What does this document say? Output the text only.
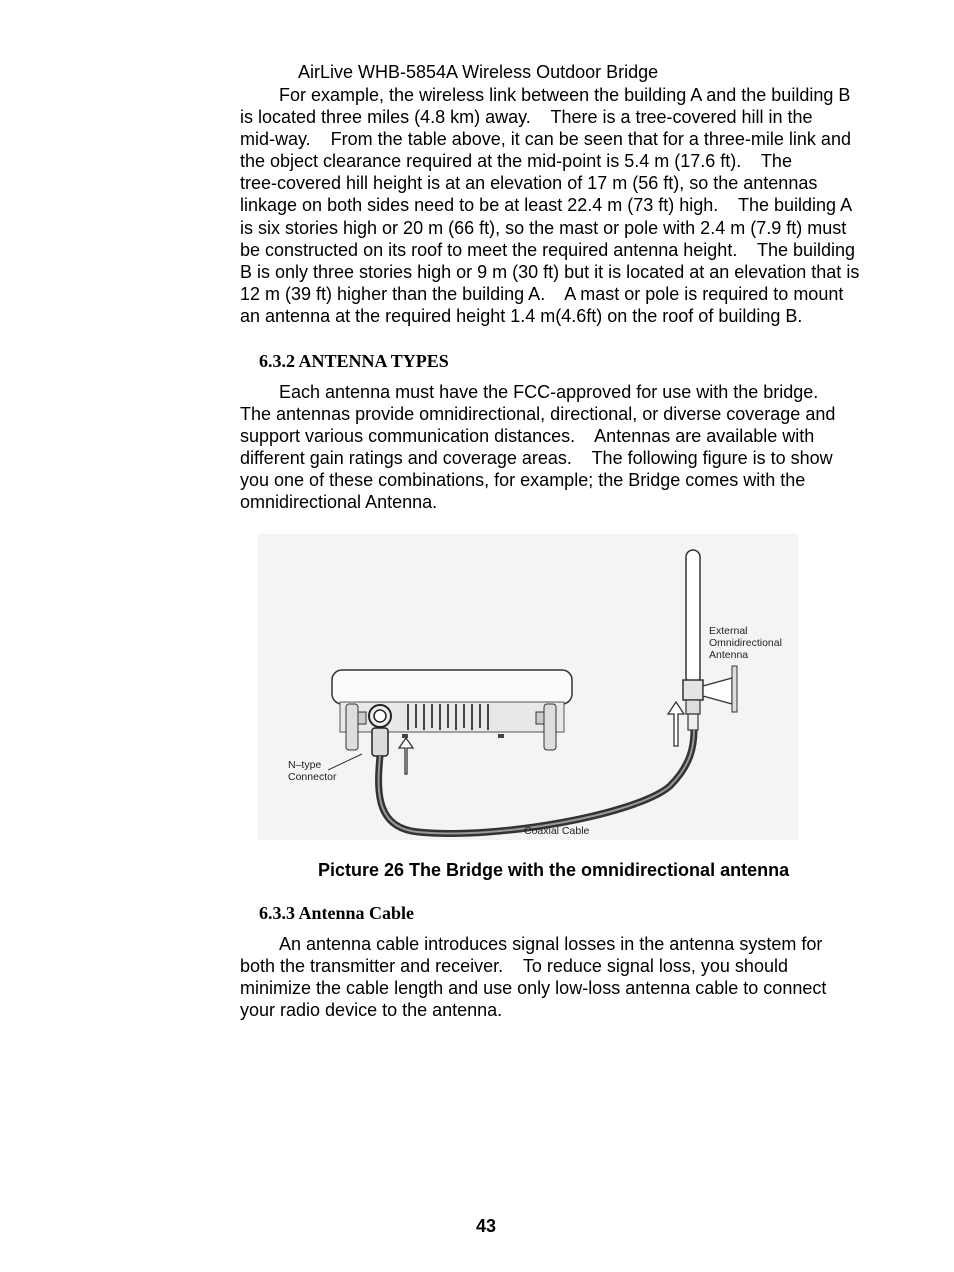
AirLive WHB-5854A Wireless Outdoor Bridge
For example, the wireless link between the building A and the building B
is located three miles (4.8 km) away.    There is a tree-covered hill in the
mid-way.    From the table above, it can be seen that for a three-mile link and
the object clearance required at the mid-point is 5.4 m (17.6 ft).    The
tree-covered hill height is at an elevation of 17 m (56 ft), so the antennas
linkage on both sides need to be at least 22.4 m (73 ft) high.    The building A
is six stories high or 20 m (66 ft), so the mast or pole with 2.4 m (7.9 ft) must
be constructed on its roof to meet the required antenna height.    The building
B is only three stories high or 9 m (30 ft) but it is located at an elevation that is
12 m (39 ft) higher than the building A.    A mast or pole is required to mount
an antenna at the required height 1.4 m(4.6ft) on the roof of building B.
6.3.2 ANTENNA TYPES
Each antenna must have the FCC-approved for use with the bridge.
The antennas provide omnidirectional, directional, or diverse coverage and
support various communication distances.    Antennas are available with
different gain ratings and coverage areas.    The following figure is to show
you one of these combinations, for example; the Bridge comes with the
omnidirectional Antenna.
External
Omnidirectional
Antenna
N–type
Connector
Coaxial Cable
Picture 26 The Bridge with the omnidirectional antenna
6.3.3 Antenna Cable
An antenna cable introduces signal losses in the antenna system for
both the transmitter and receiver.    To reduce signal loss, you should
minimize the cable length and use only low-loss antenna cable to connect
your radio device to the antenna.
43
